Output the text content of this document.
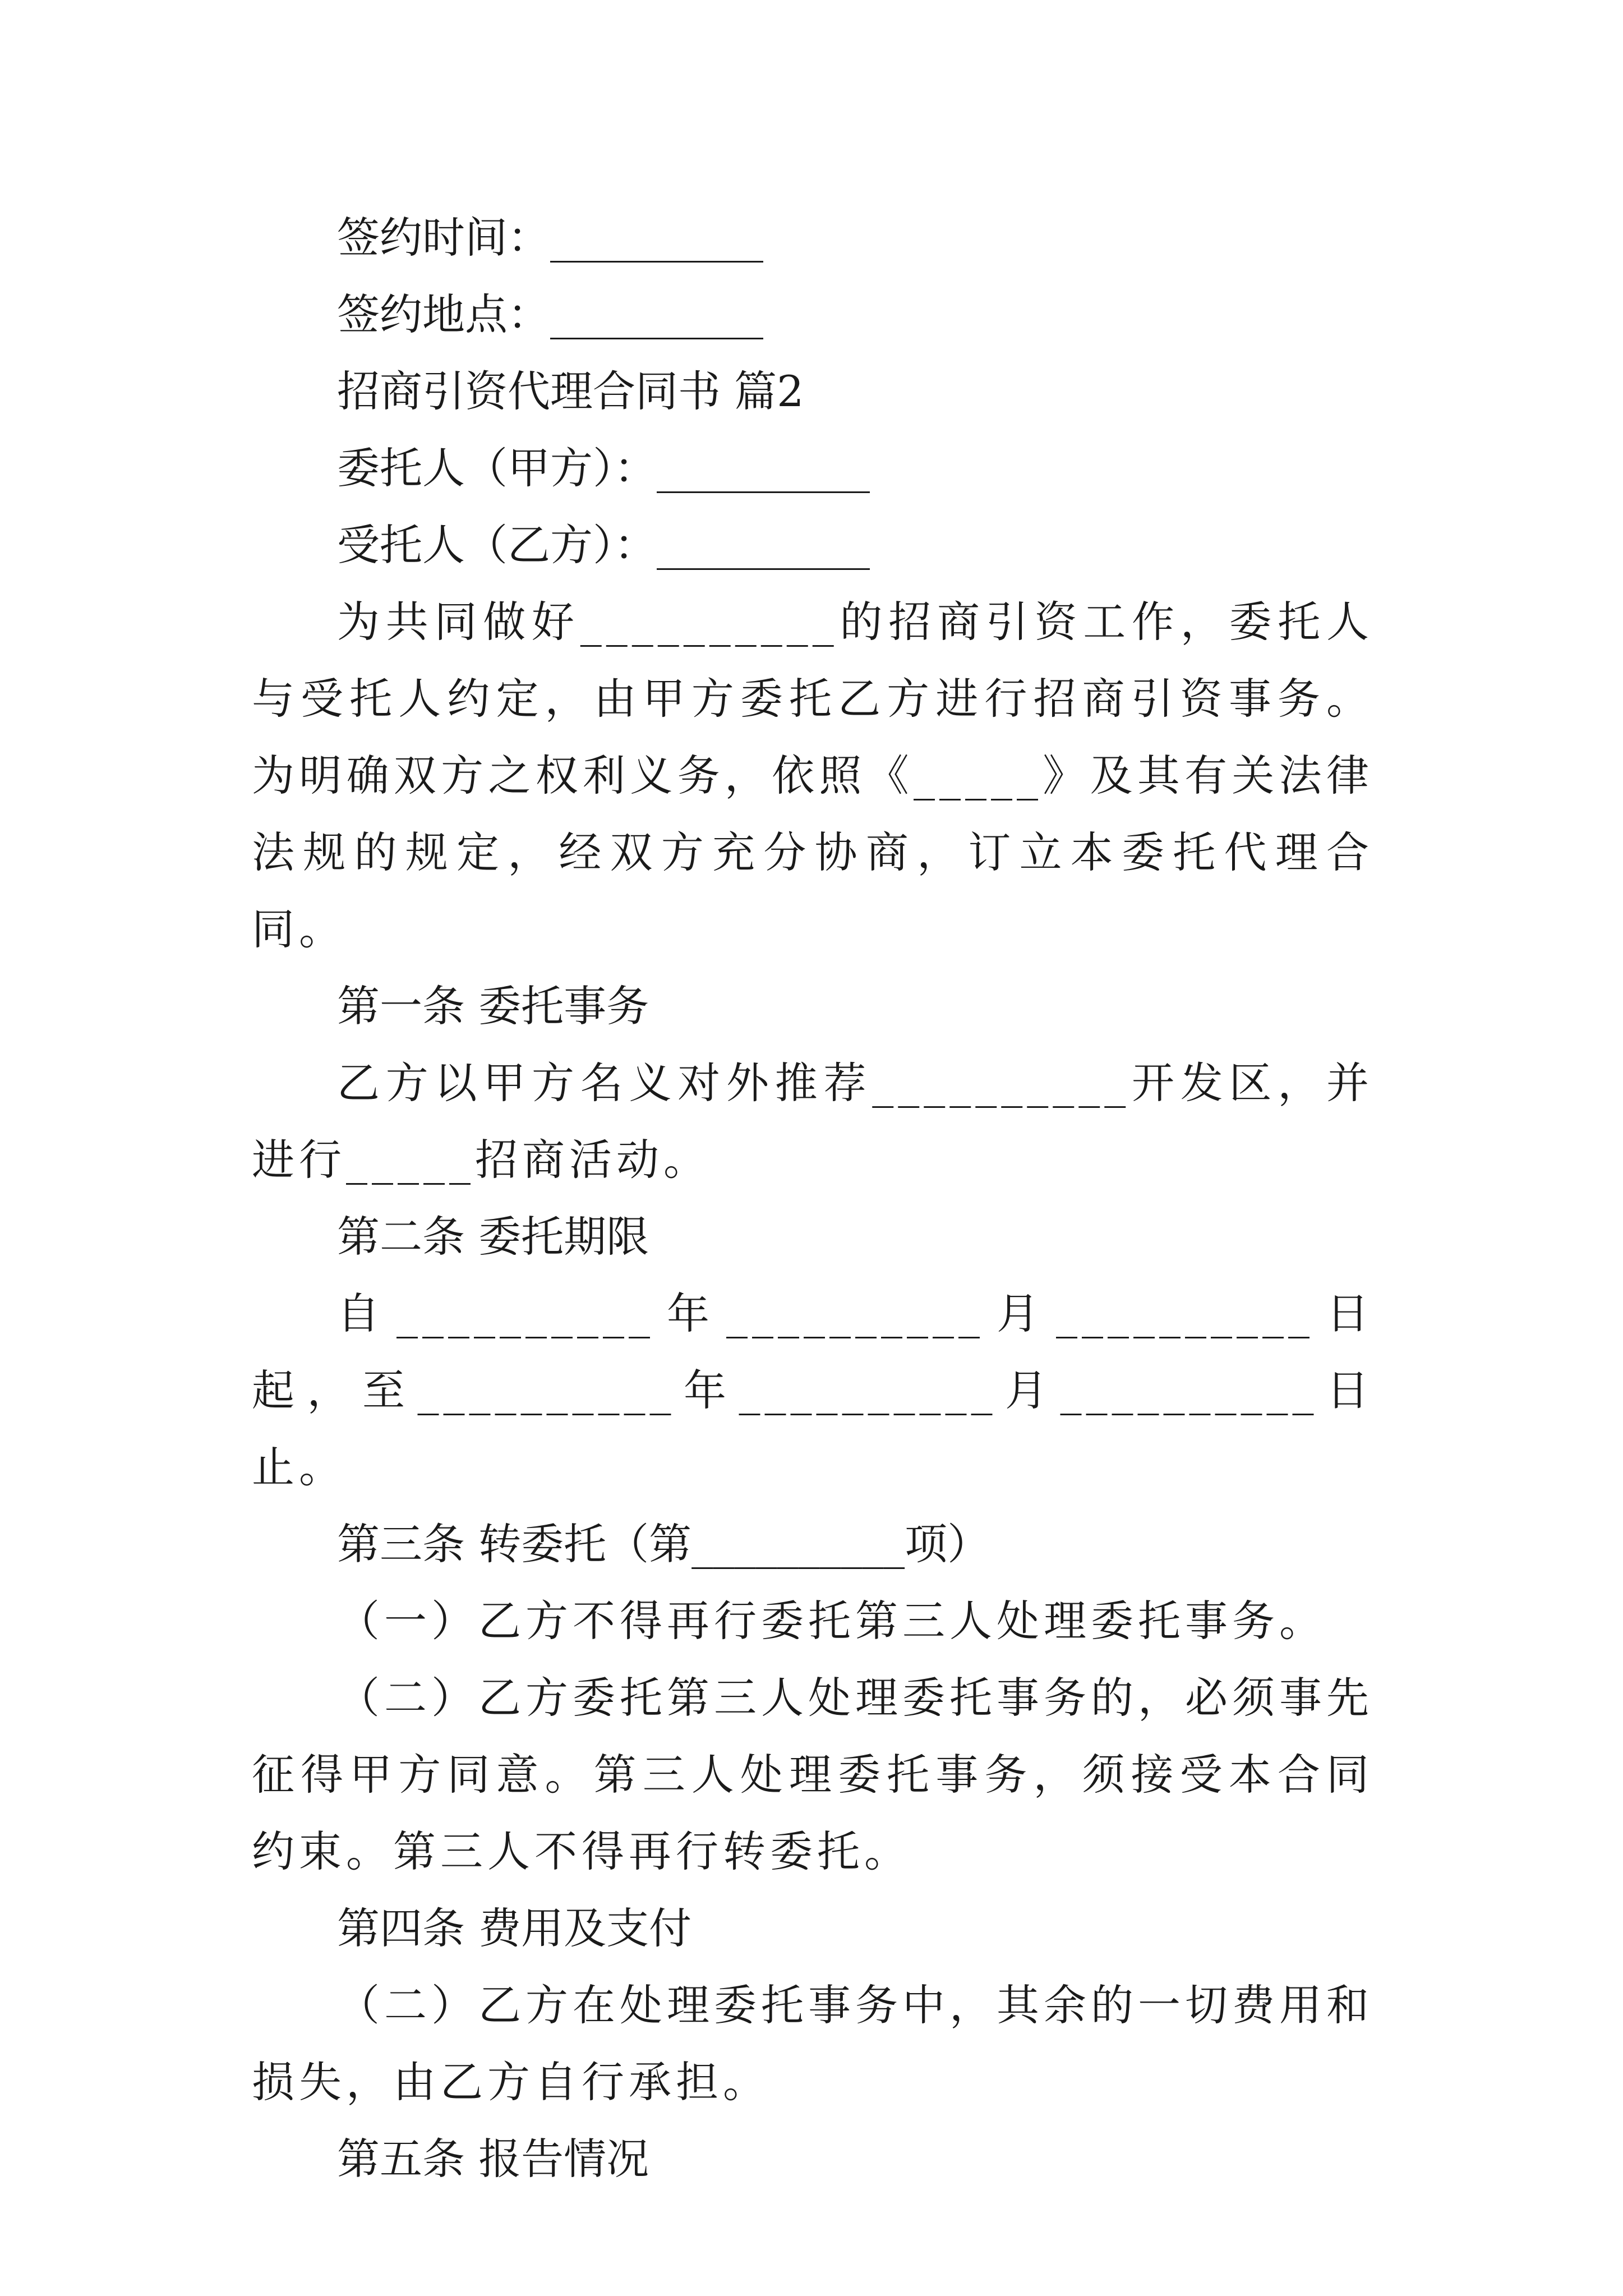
签约时间：__________
签约地点：__________
招商引资代理合同书 篇2
委托人（甲方）：__________
受托人（乙方）：__________

为共同做好__________的招商引资工作，委托人与受托人约定，由甲方委托乙方进行招商引资事务。为明确双方之权利义务，依照《_____》及其有关法律法规的规定，经双方充分协商，订立本委托代理合同。

第一条 委托事务

乙方以甲方名义对外推荐__________开发区，并进行_____招商活动。

第二条 委托期限

自__________年__________月__________日起，至__________年__________月__________日止。

第三条 转委托（第__________项）

（一）乙方不得再行委托第三人处理委托事务。

（二）乙方委托第三人处理委托事务的，必须事先征得甲方同意。第三人处理委托事务，须接受本合同约束。第三人不得再行转委托。

第四条 费用及支付

（二）乙方在处理委托事务中，其余的一切费用和损失，由乙方自行承担。

第五条 报告情况
